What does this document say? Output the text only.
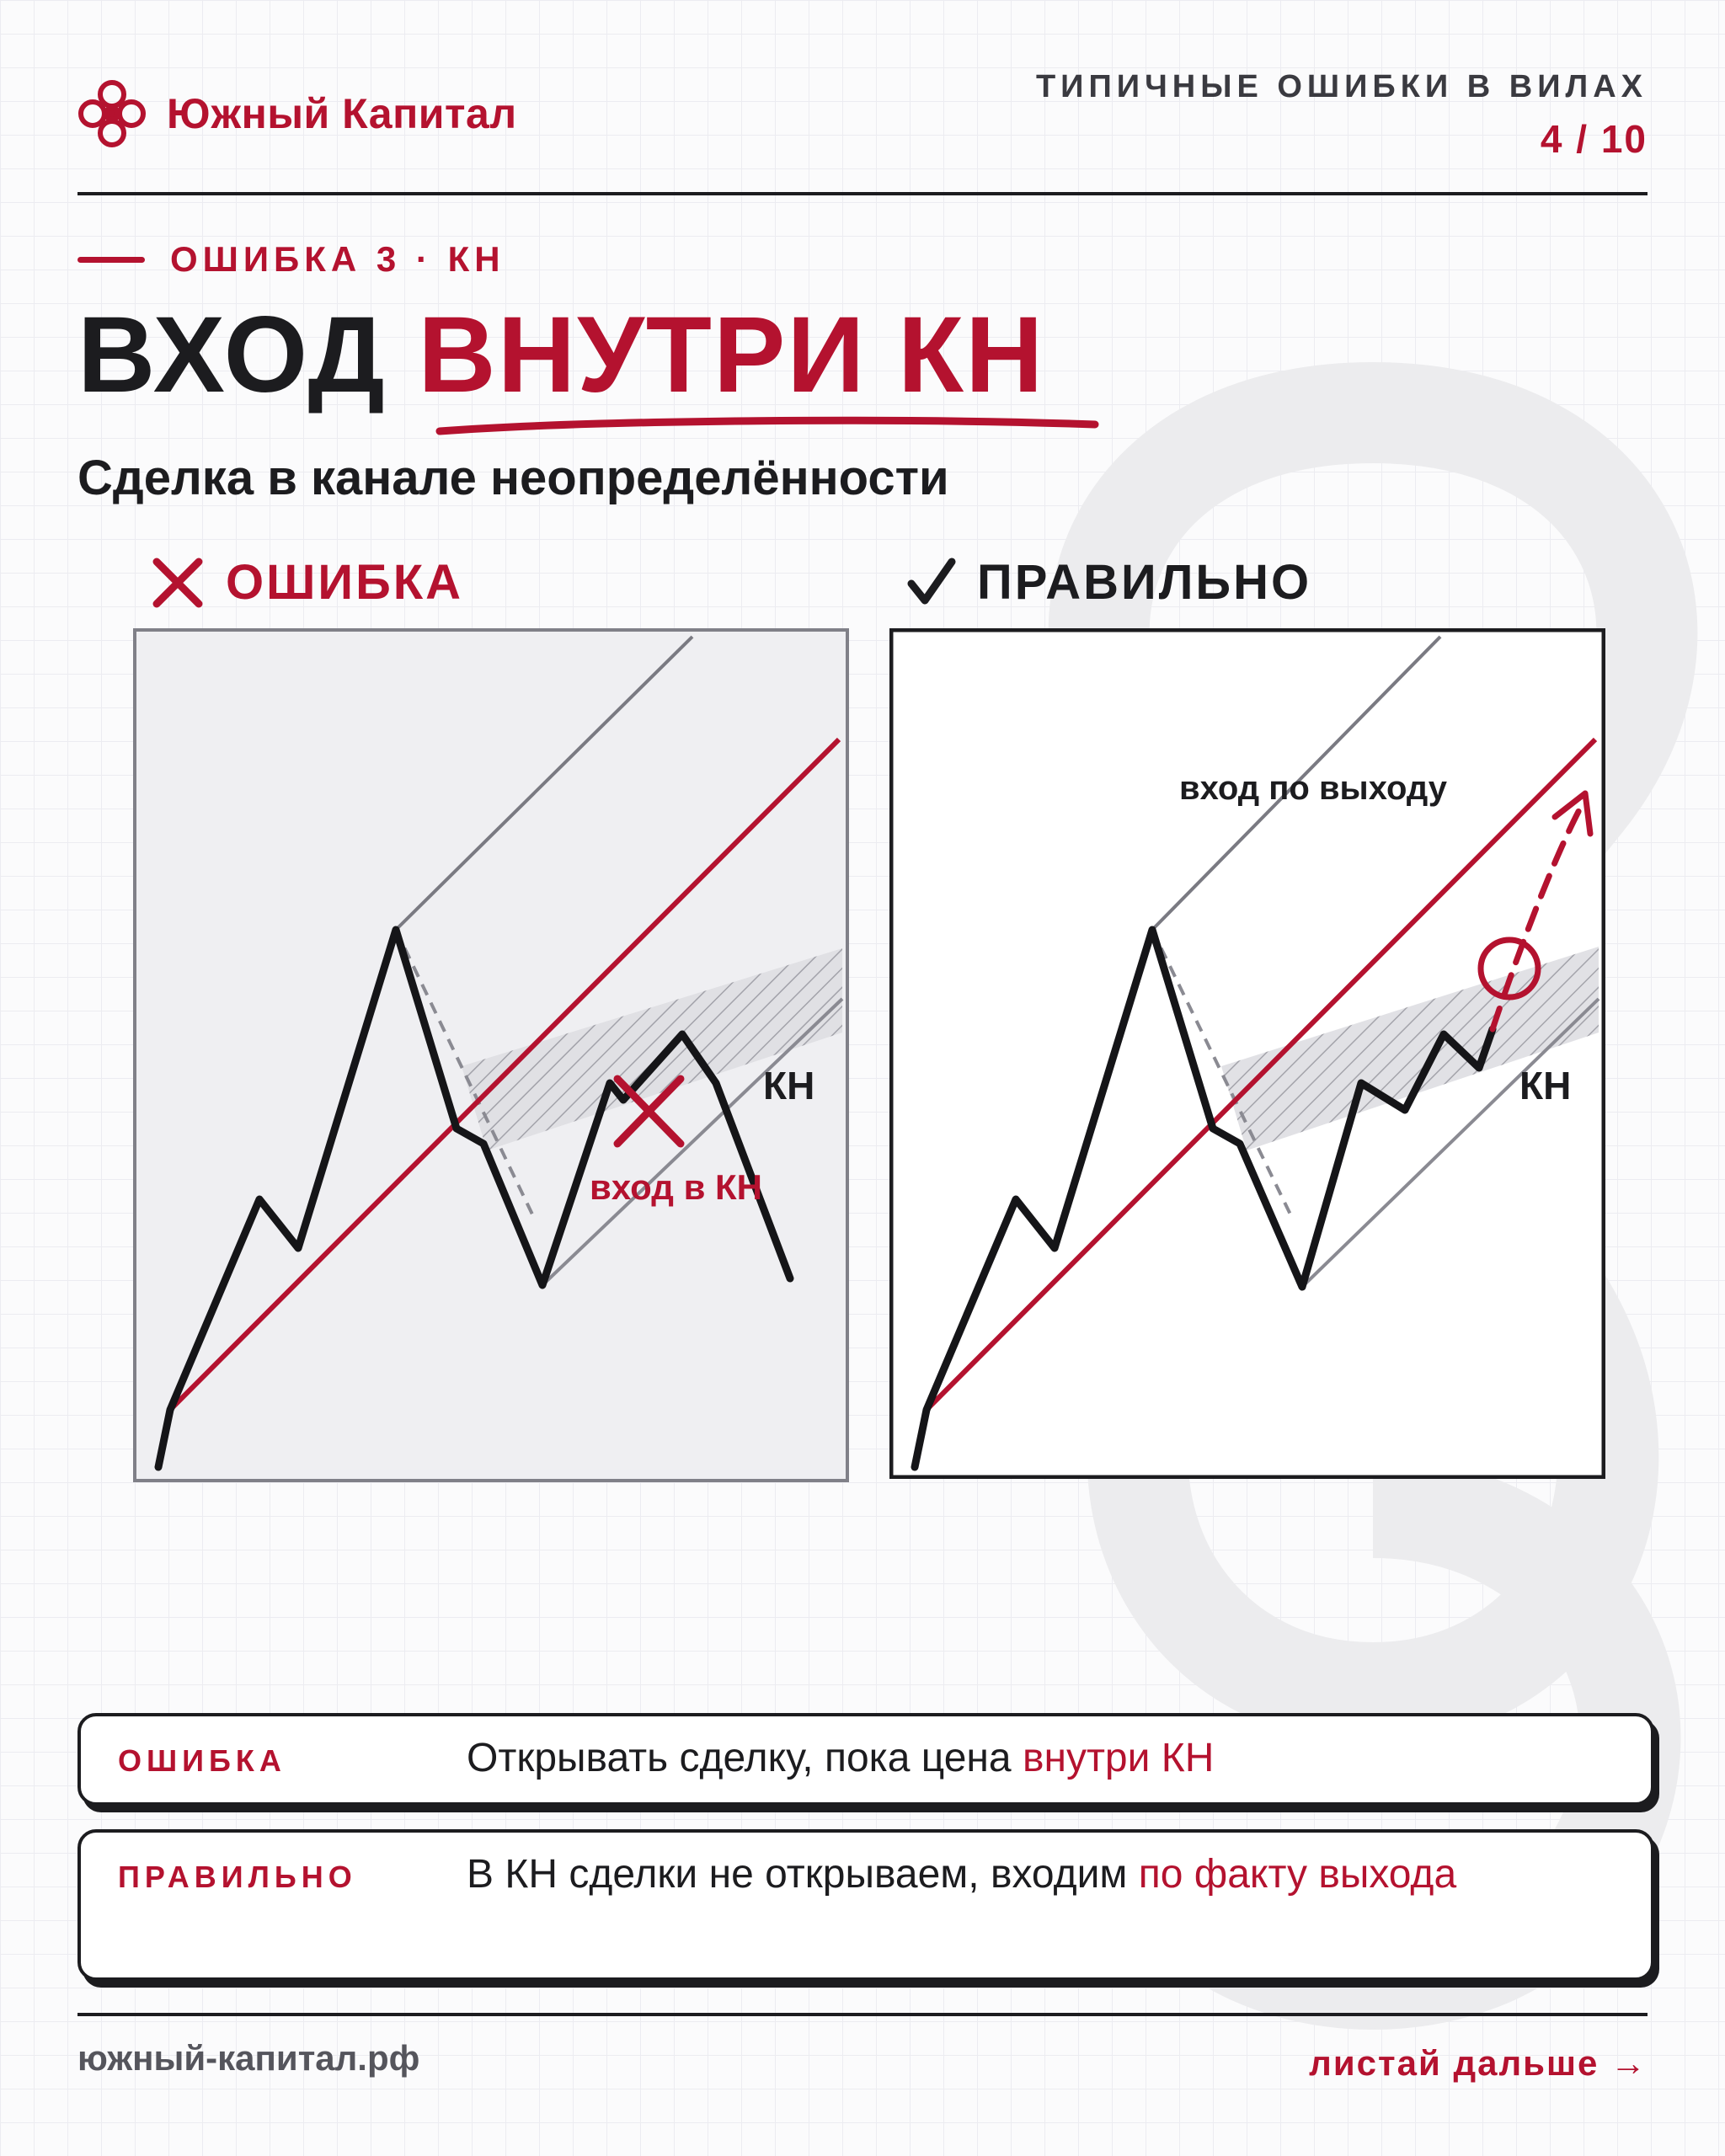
Южный Капитал
ТИПИЧНЫЕ ОШИБКИ В ВИЛАХ
4 / 10
ОШИБКА 3 · КН
ВХОД ВНУТРИ КН
Сделка в канале неопределённости
ОШИБКА	ПРАВИЛЬНО
КН
вход в КН
вход по выходу
КН
ОШИБКА	Открывать сделку, пока цена внутри КН
ПРАВИЛЬНО	В КН сделки не открываем, входим по факту выхода
южный-капитал.рф	листай дальше →
